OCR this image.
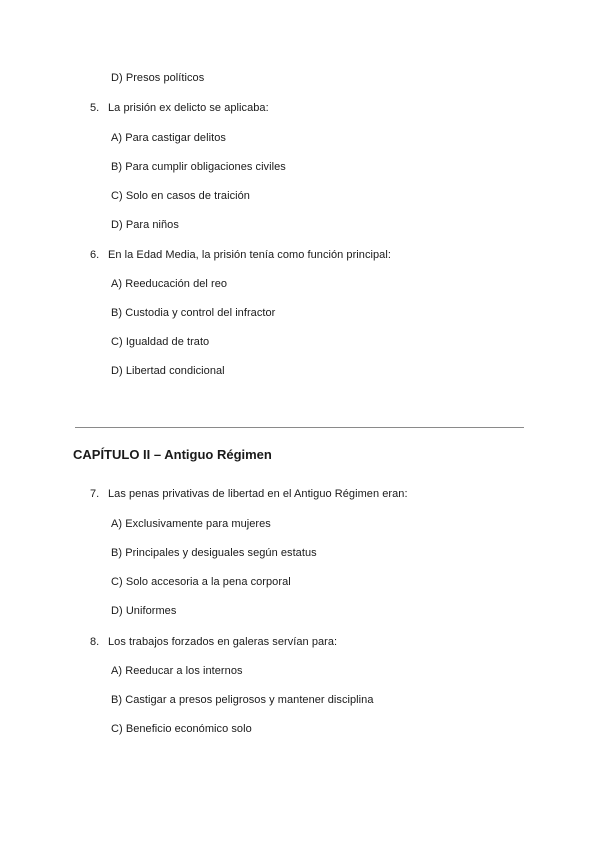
D) Presos políticos
5. La prisión ex delicto se aplicaba:
A) Para castigar delitos
B) Para cumplir obligaciones civiles
C) Solo en casos de traición
D) Para niños
6. En la Edad Media, la prisión tenía como función principal:
A) Reeducación del reo
B) Custodia y control del infractor
C) Igualdad de trato
D) Libertad condicional
CAPÍTULO II – Antiguo Régimen
7. Las penas privativas de libertad en el Antiguo Régimen eran:
A) Exclusivamente para mujeres
B) Principales y desiguales según estatus
C) Solo accesoria a la pena corporal
D) Uniformes
8. Los trabajos forzados en galeras servían para:
A) Reeducar a los internos
B) Castigar a presos peligrosos y mantener disciplina
C) Beneficio económico solo
